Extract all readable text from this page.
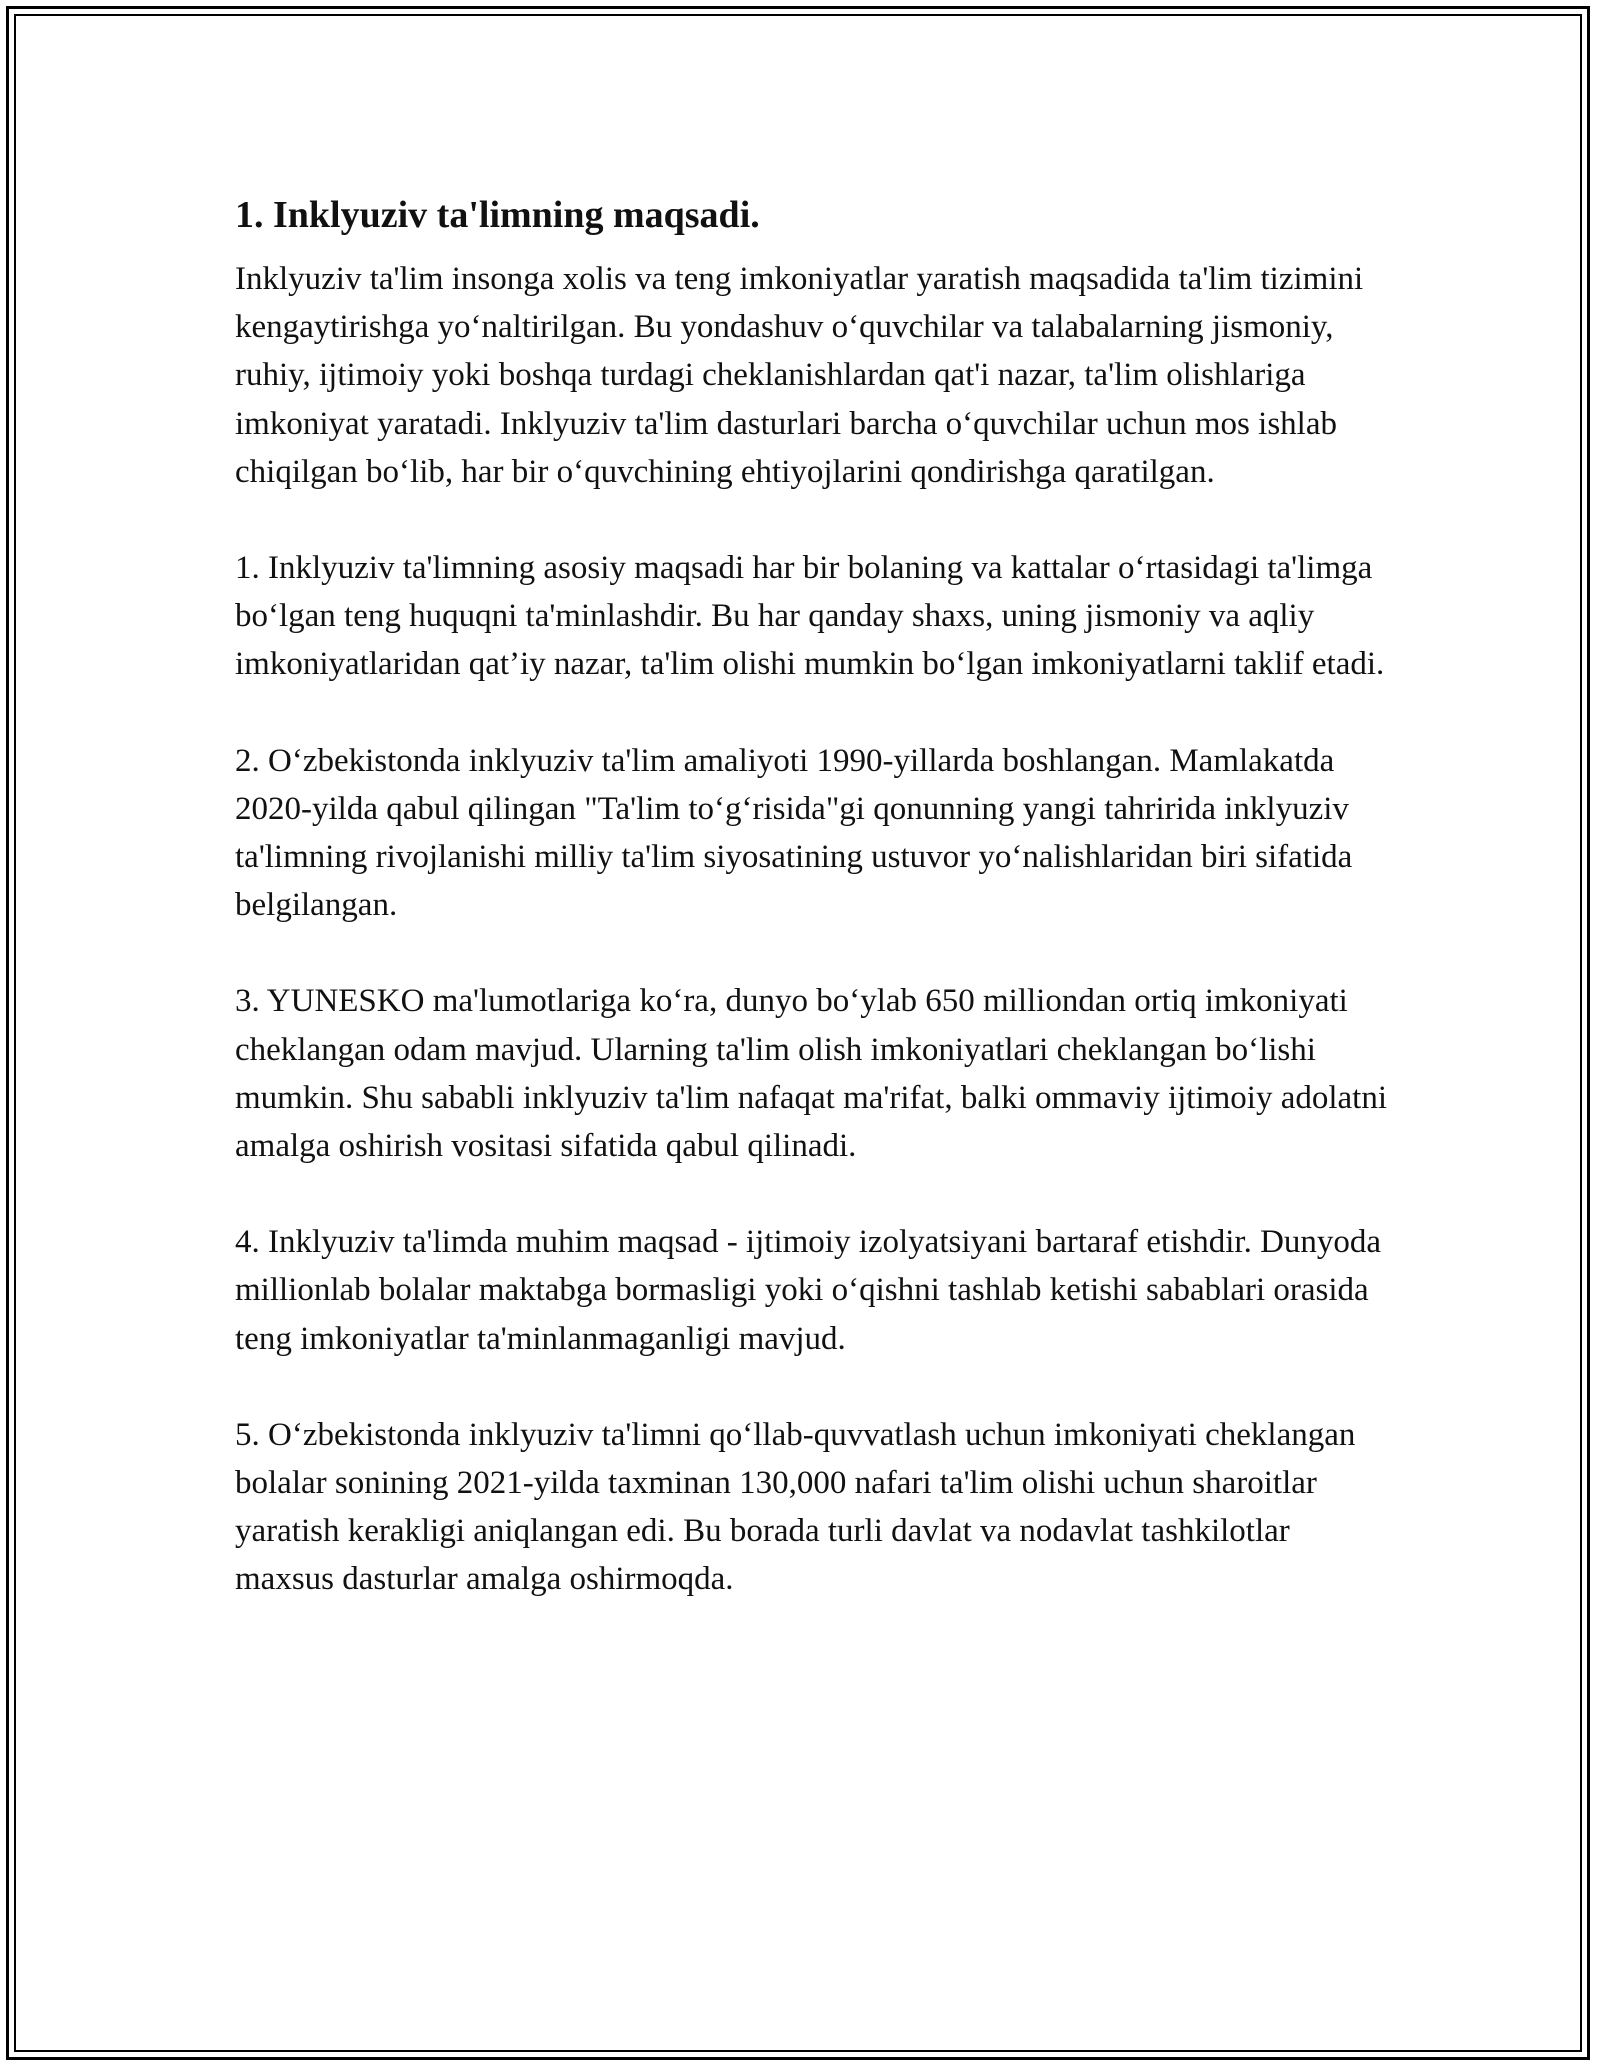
1. Inklyuziv ta'limning maqsadi.

Inklyuziv ta'lim insonga xolis va teng imkoniyatlar yaratish maqsadida ta'lim tizimini kengaytirishga yo‘naltirilgan. Bu yondashuv o‘quvchilar va talabalarning jismoniy, ruhiy, ijtimoiy yoki boshqa turdagi cheklanishlardan qat'i nazar, ta'lim olishlariga imkoniyat yaratadi. Inklyuziv ta'lim dasturlari barcha o‘quvchilar uchun mos ishlab chiqilgan bo‘lib, har bir o‘quvchining ehtiyojlarini qondirishga qaratilgan.

1. Inklyuziv ta'limning asosiy maqsadi har bir bolaning va kattalar o‘rtasidagi ta'limga bo‘lgan teng huquqni ta'minlashdir. Bu har qanday shaxs, uning jismoniy va aqliy imkoniyatlaridan qat’iy nazar, ta'lim olishi mumkin bo‘lgan imkoniyatlarni taklif etadi.

2. O‘zbekistonda inklyuziv ta'lim amaliyoti 1990-yillarda boshlangan. Mamlakatda 2020-yilda qabul qilingan "Ta'lim to‘g‘risida"gi qonunning yangi tahririda inklyuziv ta'limning rivojlanishi milliy ta'lim siyosatining ustuvor yo‘nalishlaridan biri sifatida belgilangan.

3. YUNESKO ma'lumotlariga ko‘ra, dunyo bo‘ylab 650 milliondan ortiq imkoniyati cheklangan odam mavjud. Ularning ta'lim olish imkoniyatlari cheklangan bo‘lishi mumkin. Shu sababli inklyuziv ta'lim nafaqat ma'rifat, balki ommaviy ijtimoiy adolatni amalga oshirish vositasi sifatida qabul qilinadi.

4. Inklyuziv ta'limda muhim maqsad - ijtimoiy izolyatsiyani bartaraf etishdir. Dunyoda millionlab bolalar maktabga bormasligi yoki o‘qishni tashlab ketishi sabablari orasida teng imkoniyatlar ta'minlanmaganligi mavjud.

5. O‘zbekistonda inklyuziv ta'limni qo‘llab-quvvatlash uchun imkoniyati cheklangan bolalar sonining 2021-yilda taxminan 130,000 nafari ta'lim olishi uchun sharoitlar yaratish kerakligi aniqlangan edi. Bu borada turli davlat va nodavlat tashkilotlar maxsus dasturlar amalga oshirmoqda.
